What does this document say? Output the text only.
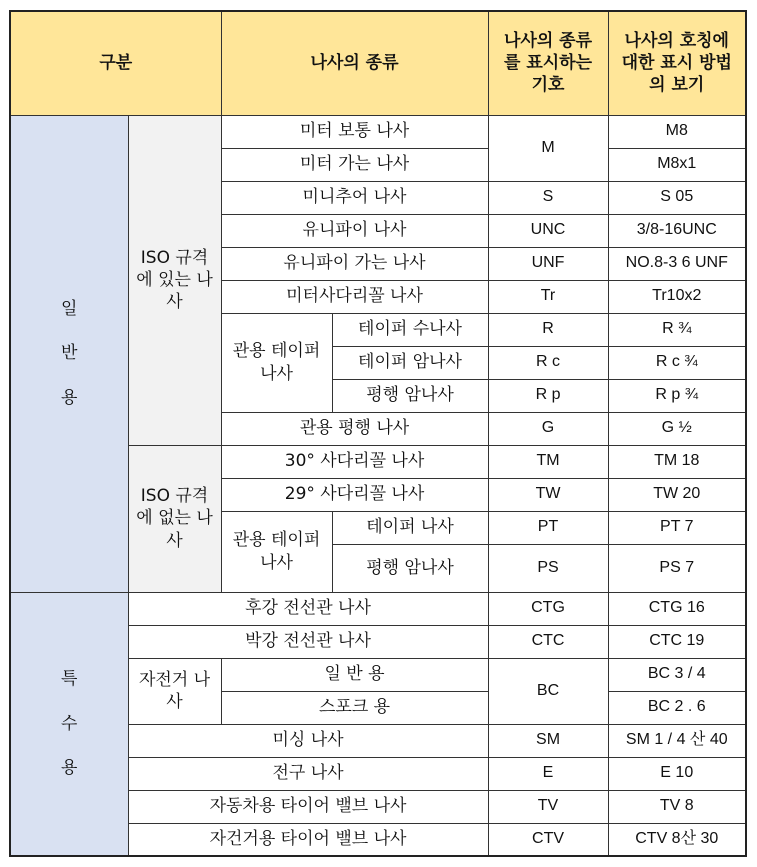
구분		나사의 종류		나사의 종류를 표시하는 기호	나사의 호칭에 대한 표시 방법의 보기

일 반 용	ISO 규격에 있는 나사	미터 보통 나사		M	M8
		미터 가는 나사			M8x1
		미니추어 나사		S	S 05
		유니파이 나사		UNC	3/8-16UNC
		유니파이 가는 나사		UNF	NO.8-3 6 UNF
		미터사다리꼴 나사		Tr	Tr10x2
		관용 테이퍼 나사	테이퍼 수나사	R	R ¾
			테이퍼 암나사	R c	R c ¾
			평행 암나사	R p	R p ¾
		관용 평행 나사		G	G ½
	ISO 규격에 없는 나사	30° 사다리꼴 나사		TM	TM 18
		29° 사다리꼴 나사		TW	TW 20
		관용 테이퍼 나사	테이퍼 나사	PT	PT 7
			평행 암나사	PS	PS 7

특 수 용	후강 전선관 나사			CTG	CTG 16
	박강 전선관 나사			CTC	CTC 19
	자전거 나사	일 반 용		BC	BC 3 / 4
		스포크 용			BC 2 . 6
	미싱 나사			SM	SM 1 / 4 산 40
	전구 나사			E	E 10
	자동차용 타이어 밸브 나사			TV	TV 8
	자건거용 타이어 밸브 나사			CTV	CTV 8산 30
